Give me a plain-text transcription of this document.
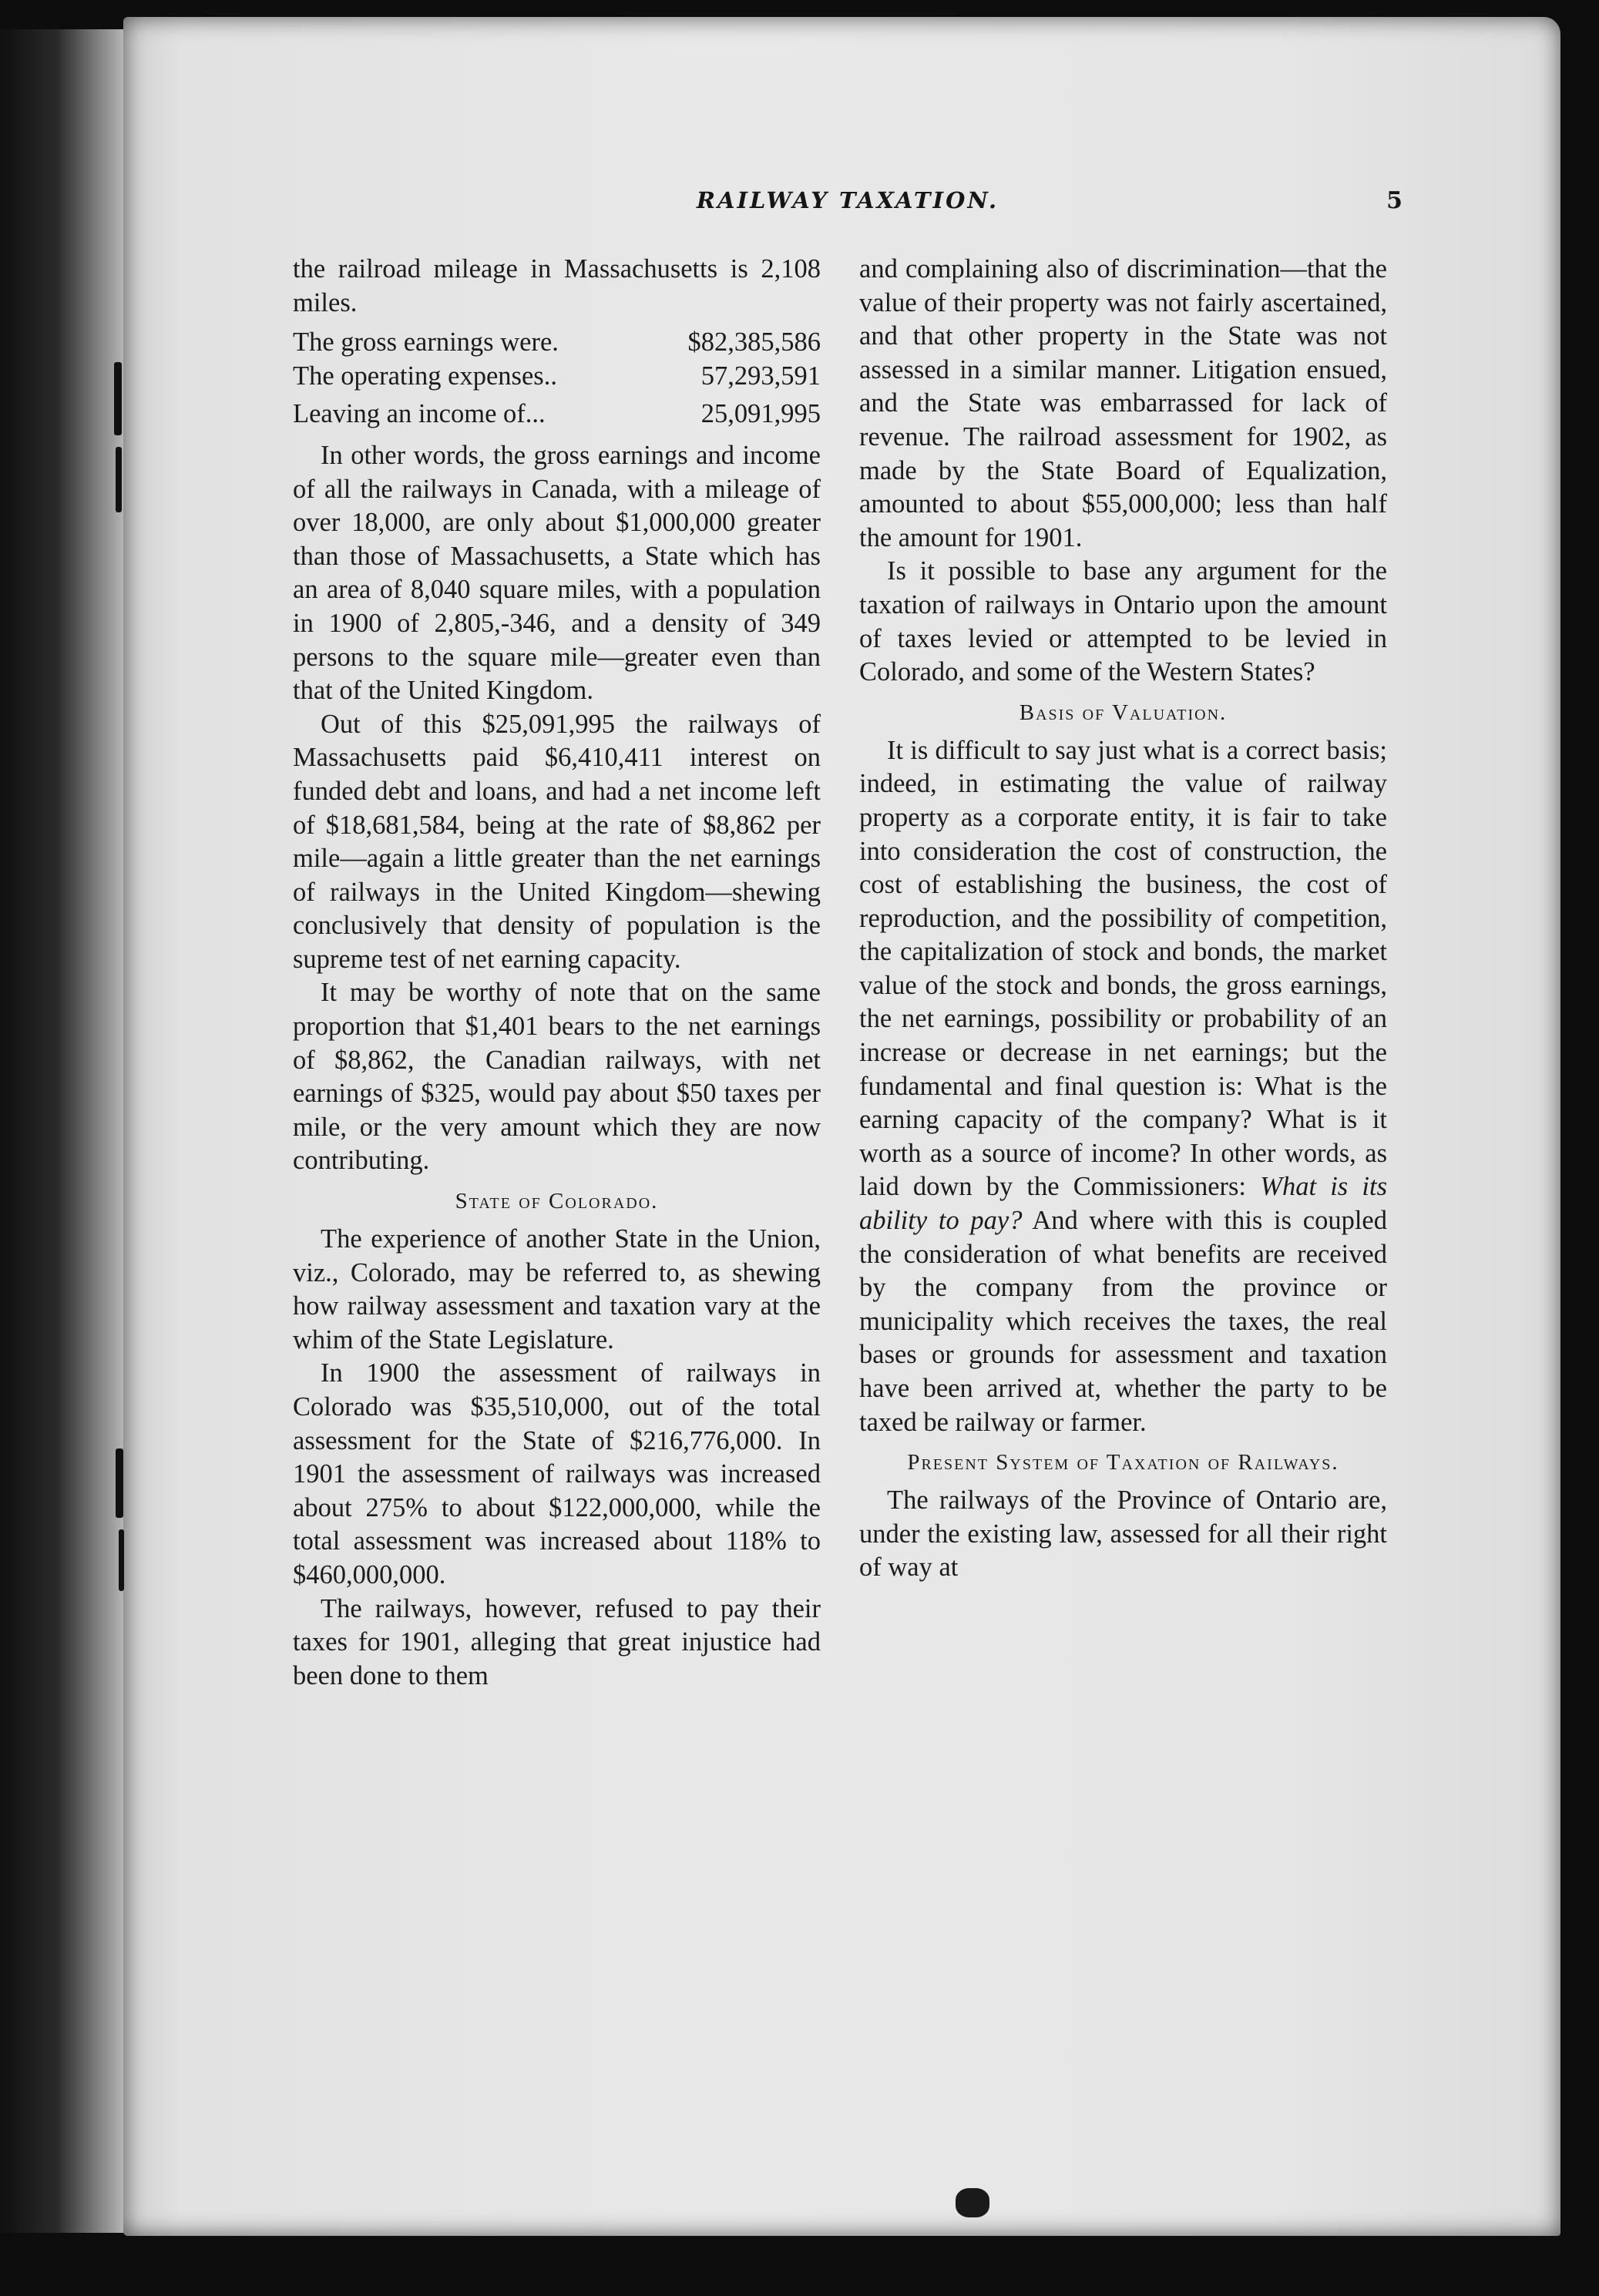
RAILWAY TAXATION.	5

the railroad mileage in Massachusetts is 2,108 miles.

The gross earnings were.	$82,385,586
The operating expenses..	57,293,591
Leaving an income of...	25,091,995

In other words, the gross earnings and income of all the railways in Canada, with a mileage of over 18,000, are only about $1,000,000 greater than those of Massachusetts, a State which has an area of 8,040 square miles, with a population in 1900 of 2,805,-346, and a density of 349 persons to the square mile—greater even than that of the United Kingdom.

Out of this $25,091,995 the railways of Massachusetts paid $6,410,411 interest on funded debt and loans, and had a net income left of $18,681,584, being at the rate of $8,862 per mile—again a little greater than the net earnings of railways in the United Kingdom—shewing conclusively that density of population is the supreme test of net earning capacity.

It may be worthy of note that on the same proportion that $1,401 bears to the net earnings of $8,862, the Canadian railways, with net earnings of $325, would pay about $50 taxes per mile, or the very amount which they are now contributing.

State of Colorado.

The experience of another State in the Union, viz., Colorado, may be referred to, as shewing how railway assessment and taxation vary at the whim of the State Legislature.

In 1900 the assessment of railways in Colorado was $35,510,000, out of the total assessment for the State of $216,776,000. In 1901 the assessment of railways was increased about 275% to about $122,000,000, while the total assessment was increased about 118% to $460,000,000.

The railways, however, refused to pay their taxes for 1901, alleging that great injustice had been done to them

and complaining also of discrimination—that the value of their property was not fairly ascertained, and that other property in the State was not assessed in a similar manner. Litigation ensued, and the State was embarrassed for lack of revenue. The railroad assessment for 1902, as made by the State Board of Equalization, amounted to about $55,000,000; less than half the amount for 1901.

Is it possible to base any argument for the taxation of railways in Ontario upon the amount of taxes levied or attempted to be levied in Colorado, and some of the Western States?

Basis of Valuation.

It is difficult to say just what is a correct basis; indeed, in estimating the value of railway property as a corporate entity, it is fair to take into consideration the cost of construction, the cost of establishing the business, the cost of reproduction, and the possibility of competition, the capitalization of stock and bonds, the market value of the stock and bonds, the gross earnings, the net earnings, possibility or probability of an increase or decrease in net earnings; but the fundamental and final question is: What is the earning capacity of the company? What is it worth as a source of income? In other words, as laid down by the Commissioners: What is its ability to pay? And where with this is coupled the consideration of what benefits are received by the company from the province or municipality which receives the taxes, the real bases or grounds for assessment and taxation have been arrived at, whether the party to be taxed be railway or farmer.

Present System of Taxation of Railways.

The railways of the Province of Ontario are, under the existing law, assessed for all their right of way at
